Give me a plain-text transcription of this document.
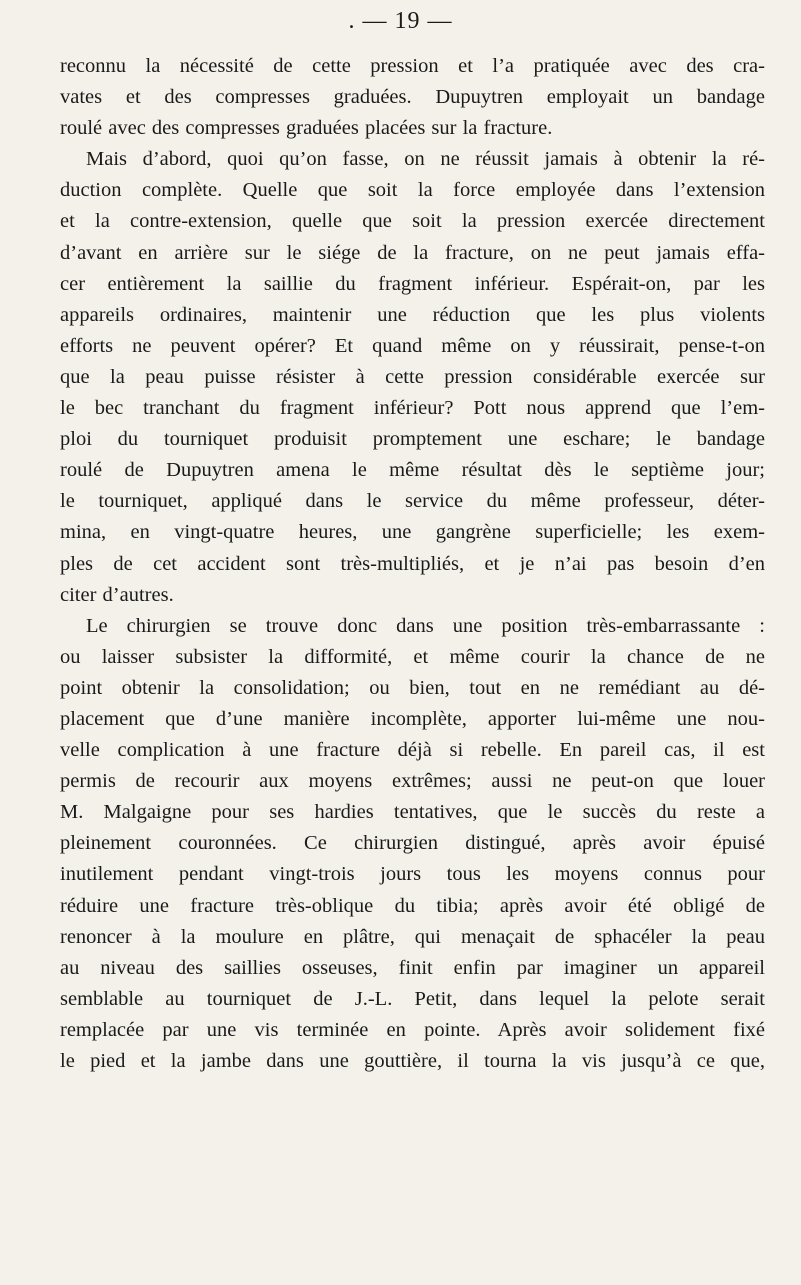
. — 19 —
reconnu la nécessité de cette pression et l’a pratiquée avec des cra-
vates et des compresses graduées. Dupuytren employait un bandage
roulé avec des compresses graduées placées sur la fracture.
Mais d’abord, quoi qu’on fasse, on ne réussit jamais à obtenir la ré-
duction complète. Quelle que soit la force employée dans l’extension
et la contre-extension, quelle que soit la pression exercée directement
d’avant en arrière sur le siége de la fracture, on ne peut jamais effa-
cer entièrement la saillie du fragment inférieur. Espérait-on, par les
appareils ordinaires, maintenir une réduction que les plus violents
efforts ne peuvent opérer? Et quand même on y réussirait, pense-t-on
que la peau puisse résister à cette pression considérable exercée sur
le bec tranchant du fragment inférieur? Pott nous apprend que l’em-
ploi du tourniquet produisit promptement une eschare; le bandage
roulé de Dupuytren amena le même résultat dès le septième jour;
le tourniquet, appliqué dans le service du même professeur, déter-
mina, en vingt-quatre heures, une gangrène superficielle; les exem-
ples de cet accident sont très-multipliés, et je n’ai pas besoin d’en
citer d’autres.
Le chirurgien se trouve donc dans une position très-embarrassante :
ou laisser subsister la difformité, et même courir la chance de ne
point obtenir la consolidation; ou bien, tout en ne remédiant au dé-
placement que d’une manière incomplète, apporter lui-même une nou-
velle complication à une fracture déjà si rebelle. En pareil cas, il est
permis de recourir aux moyens extrêmes; aussi ne peut-on que louer
M. Malgaigne pour ses hardies tentatives, que le succès du reste a
pleinement couronnées. Ce chirurgien distingué, après avoir épuisé
inutilement pendant vingt-trois jours tous les moyens connus pour
réduire une fracture très-oblique du tibia; après avoir été obligé de
renoncer à la moulure en plâtre, qui menaçait de sphacéler la peau
au niveau des saillies osseuses, finit enfin par imaginer un appareil
semblable au tourniquet de J.-L. Petit, dans lequel la pelote serait
remplacée par une vis terminée en pointe. Après avoir solidement fixé
le pied et la jambe dans une gouttière, il tourna la vis jusqu’à ce que,
